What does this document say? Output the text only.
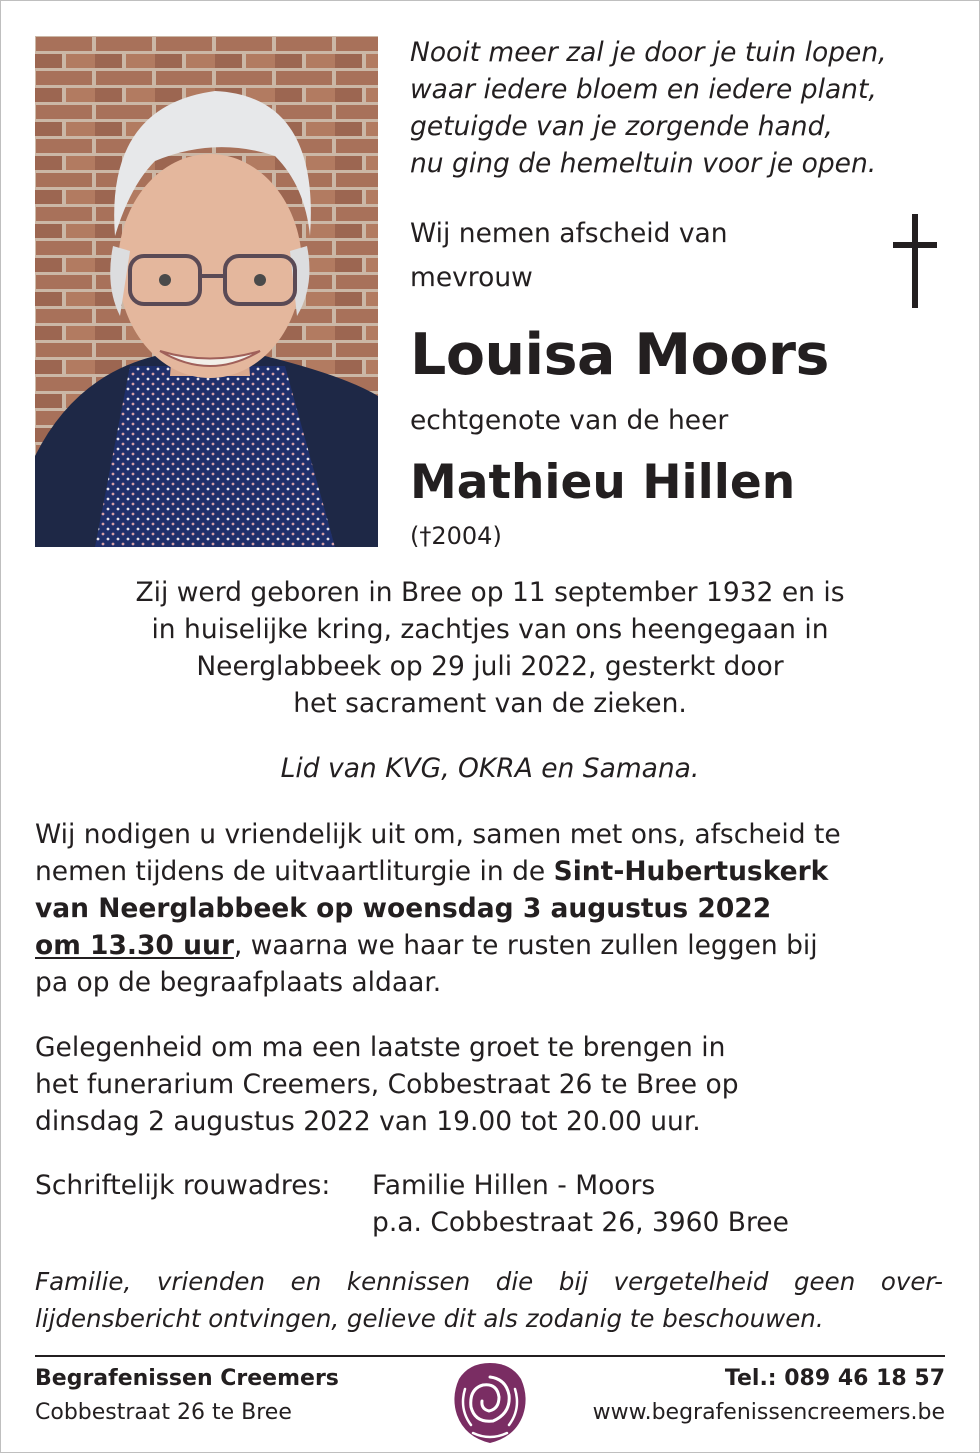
Nooit meer zal je door je tuin lopen,
waar iedere bloem en iedere plant,
getuigde van je zorgende hand,
nu ging de hemeltuin voor je open.
Wij nemen afscheid van
mevrouw
Louisa Moors
echtgenote van de heer
Mathieu Hillen
(†2004)
Zij werd geboren in Bree op 11 september 1932 en is
in huiselijke kring, zachtjes van ons heengegaan in
Neerglabbeek op 29 juli 2022, gesterkt door
het sacrament van de zieken.
Lid van KVG, OKRA en Samana.
Wij nodigen u vriendelijk uit om, samen met ons, afscheid te
nemen tijdens de uitvaartliturgie in de Sint-Hubertuskerk
van Neerglabbeek op woensdag 3 augustus 2022
om 13.30 uur, waarna we haar te rusten zullen leggen bij
pa op de begraafplaats aldaar.
Gelegenheid om ma een laatste groet te brengen in
het funerarium Creemers, Cobbestraat 26 te Bree op
dinsdag 2 augustus 2022 van 19.00 tot 20.00 uur.
Schriftelijk rouwadres: Familie Hillen - Moors
p.a. Cobbestraat 26, 3960 Bree
Familie, vrienden en kennissen die bij vergetelheid geen over-
lijdensbericht ontvingen, gelieve dit als zodanig te beschouwen.
Begrafenissen Creemers
Cobbestraat 26 te Bree
Tel.: 089 46 18 57
www.begrafenissencreemers.be
